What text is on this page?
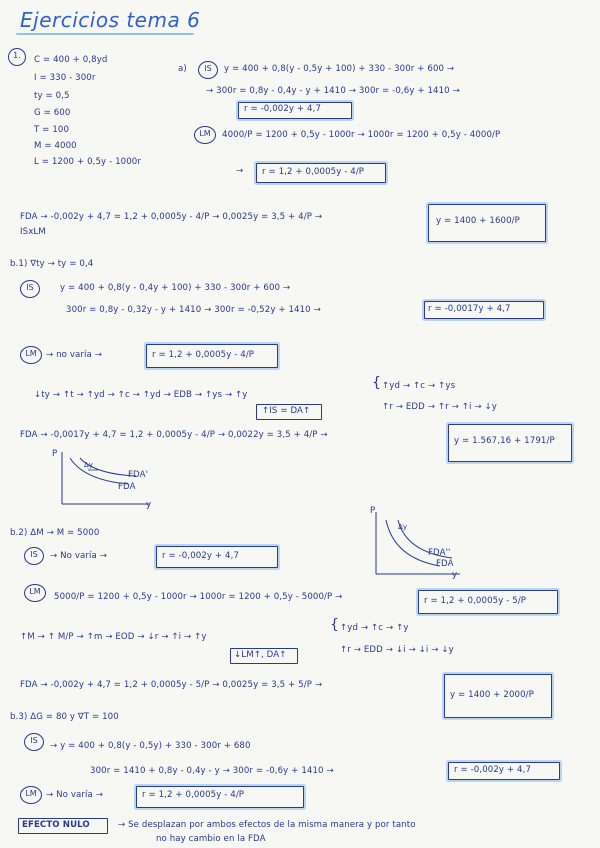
Ejercicios tema 6
1.	C = 400 + 0,8yd
I = 330 - 300r
ty = 0,5
G = 600
T = 100
M = 4000
L = 1200 + 0,5y - 1000r
a)	IS	y = 400 + 0,8(y - 0,5y + 100) + 330 - 300r + 600 →
→ 300r = 0,8y - 0,4y - y + 1410 → 300r = -0,6y + 1410 →
r = -0,002y + 4,7
LM	4000/P = 1200 + 0,5y - 1000r → 1000r = 1200 + 0,5y - 4000/P
→ r = 1,2 + 0,0005y - 4/P
FDA → -0,002y + 4,7 = 1,2 + 0,0005y - 4/P → 0,0025y = 3,5 + 4/P →
ISxLM
y = 1400 + 1600/P
b.1) ∇ty → ty = 0,4
IS	y = 400 + 0,8(y - 0,4y + 100) + 330 - 300r + 600 →
300r = 0,8y - 0,32y - y + 1410 → 300r = -0,52y + 1410 →	r = -0,0017y + 4,7
LM	→ no varía →	r = 1,2 + 0,0005y - 4/P
↓ty → ↑t → ↑yd → ↑c → ↑yd → EDB → ↑ys → ↑y
{ ↑yd → ↑c → ↑ys
↑r → EDD → ↑r → ↑i → ↓y
↑IS = DA↑
FDA → -0,0017y + 4,7 = 1,2 + 0,0005y - 4/P → 0,0022y = 3,5 + 4/P →
y = 1.567,16 + 1791/P
P
FDA'
FDA
y
Δy
b.2) ΔM → M = 5000
IS	→ No varía →	r = -0,002y + 4,7
P
FDA''
FDA
y
Δy
LM
5000/P = 1200 + 0,5y - 1000r → 1000r = 1200 + 0,5y - 5000/P →	r = 1,2 + 0,0005y - 5/P
↑M → ↑ M/P → ↑m → EOD → ↓r → ↑i → ↑y
{ ↑yd → ↑c → ↑y
↑r → EDD → ↓i → ↓i → ↓y
↓LM↑, DA↑
FDA → -0,002y + 4,7 = 1,2 + 0,0005y - 5/P → 0,0025y = 3,5 + 5/P →
y = 1400 + 2000/P
b.3) ΔG = 80 y ∇T = 100
IS
→ y = 400 + 0,8(y - 0,5y) + 330 - 300r + 680
300r = 1410 + 0,8y - 0,4y - y → 300r = -0,6y + 1410 →	r = -0,002y + 4,7
LM	→ No varía →	r = 1,2 + 0,0005y - 4/P
EFECTO NULO	→ Se desplazan por ambos efectos de la misma manera y por tanto
no hay cambio en la FDA
